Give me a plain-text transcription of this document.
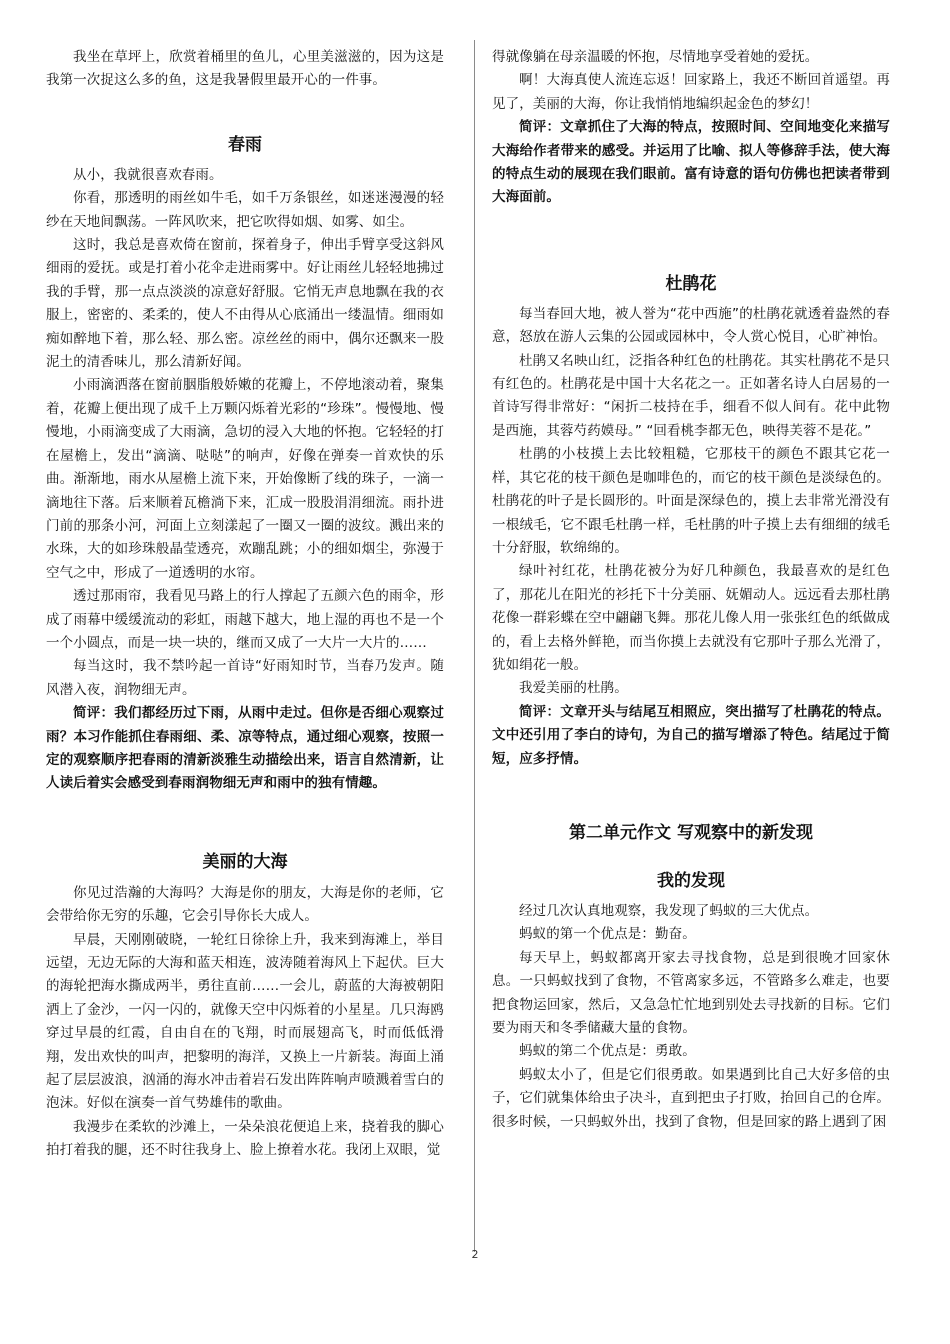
我坐在草坪上，欣赏着桶里的鱼儿，心里美滋滋的，因为这是我第一次捉这么多的鱼，这是我暑假里最开心的一件事。

春雨

从小，我就很喜欢春雨。

你看，那透明的雨丝如牛毛，如千万条银丝，如迷迷漫漫的轻纱在天地间飘荡。一阵风吹来，把它吹得如烟、如雾、如尘。

这时，我总是喜欢倚在窗前，探着身子，伸出手臂享受这斜风细雨的爱抚。或是打着小花伞走进雨雾中。好让雨丝儿轻轻地拂过我的手臂，那一点点淡淡的凉意好舒服。它悄无声息地飘在我的衣服上，密密的、柔柔的，使人不由得从心底涌出一缕温情。细雨如痴如醉地下着，那么轻、那么密。凉丝丝的雨中，偶尔还飘来一股泥土的清香味儿，那么清新好闻。

小雨滴洒落在窗前胭脂般娇嫩的花瓣上，不停地滚动着，聚集着，花瓣上便出现了成千上万颗闪烁着光彩的“珍珠”。慢慢地、慢慢地，小雨滴变成了大雨滴，急切的浸入大地的怀抱。它轻轻的打在屋檐上，发出“滴滴、哒哒”的响声，好像在弹奏一首欢快的乐曲。渐渐地，雨水从屋檐上流下来，开始像断了线的珠子，一滴一滴地往下落。后来顺着瓦檐淌下来，汇成一股股涓涓细流。雨扑进门前的那条小河，河面上立刻漾起了一圈又一圈的波纹。溅出来的水珠，大的如珍珠般晶莹透亮，欢蹦乱跳；小的细如烟尘，弥漫于空气之中，形成了一道透明的水帘。

透过那雨帘，我看见马路上的行人撑起了五颜六色的雨伞，形成了雨幕中缓缓流动的彩虹，雨越下越大，地上湿的再也不是一个一个小圆点，而是一块一块的，继而又成了一大片一大片的……

每当这时，我不禁吟起一首诗“好雨知时节，当春乃发声。随风潜入夜，润物细无声。

简评：我们都经历过下雨，从雨中走过。但你是否细心观察过雨？本习作能抓住春雨细、柔、凉等特点，通过细心观察，按照一定的观察顺序把春雨的清新淡雅生动描绘出来，语言自然清新，让人读后着实会感受到春雨润物细无声和雨中的独有情趣。

美丽的大海

你见过浩瀚的大海吗？大海是你的朋友，大海是你的老师，它会带给你无穷的乐趣，它会引导你长大成人。

早晨，天刚刚破晓，一轮红日徐徐上升，我来到海滩上，举目远望，无边无际的大海和蓝天相连，波涛随着海风上下起伏。巨大的海轮把海水撕成两半，勇往直前……一会儿，蔚蓝的大海被朝阳洒上了金沙，一闪一闪的，就像天空中闪烁着的小星星。几只海鸥穿过早晨的红霞，自由自在的飞翔，时而展翅高飞，时而低低滑翔，发出欢快的叫声，把黎明的海洋，又换上一片新装。海面上涌起了层层波浪，汹涌的海水冲击着岩石发出阵阵响声喷溅着雪白的泡沫。好似在演奏一首气势雄伟的歌曲。

我漫步在柔软的沙滩上，一朵朵浪花便追上来，挠着我的脚心拍打着我的腿，还不时往我身上、脸上撩着水花。我闭上双眼，觉

得就像躺在母亲温暖的怀抱，尽情地享受着她的爱抚。

啊！大海真使人流连忘返！回家路上，我还不断回首遥望。再见了，美丽的大海，你让我悄悄地编织起金色的梦幻！

简评：文章抓住了大海的特点，按照时间、空间地变化来描写大海给作者带来的感受。并运用了比喻、拟人等修辞手法，使大海的特点生动的展现在我们眼前。富有诗意的语句仿佛也把读者带到大海面前。

杜鹃花

每当春回大地，被人誉为“花中西施”的杜鹃花就透着盎然的春意，怒放在游人云集的公园或园林中，令人赏心悦目，心旷神怡。

杜鹃又名映山红，泛指各种红色的杜鹃花。其实杜鹃花不是只有红色的。杜鹃花是中国十大名花之一。正如著名诗人白居易的一首诗写得非常好：“闲折二枝持在手，细看不似人间有。花中此物是西施，其蓉芍药嫫母。” “回看桃李都无色，映得芙蓉不是花。”

杜鹃的小枝摸上去比较粗糙，它那枝干的颜色不跟其它花一样，其它花的枝干颜色是咖啡色的，而它的枝干颜色是淡绿色的。杜鹃花的叶子是长圆形的。叶面是深绿色的，摸上去非常光滑没有一根绒毛，它不跟毛杜鹃一样，毛杜鹃的叶子摸上去有细细的绒毛十分舒服，软绵绵的。

绿叶衬红花，杜鹃花被分为好几种颜色，我最喜欢的是红色了，那花儿在阳光的衫托下十分美丽、妩媚动人。远远看去那杜鹃花像一群彩蝶在空中翩翩飞舞。那花儿像人用一张张红色的纸做成的，看上去格外鲜艳，而当你摸上去就没有它那叶子那么光滑了，犹如绢花一般。

我爱美丽的杜鹃。

简评：文章开头与结尾互相照应，突出描写了杜鹃花的特点。文中还引用了李白的诗句，为自己的描写增添了特色。结尾过于简短，应多抒情。

第二单元作文 写观察中的新发现
我的发现

经过几次认真地观察，我发现了蚂蚁的三大优点。

蚂蚁的第一个优点是：勤奋。

每天早上，蚂蚁都离开家去寻找食物，总是到很晚才回家休息。一只蚂蚁找到了食物，不管离家多远，不管路多么难走，也要把食物运回家，然后，又急急忙忙地到别处去寻找新的目标。它们要为雨天和冬季储藏大量的食物。

蚂蚁的第二个优点是：勇敢。

蚂蚁太小了，但是它们很勇敢。如果遇到比自己大好多倍的虫子，它们就集体给虫子决斗，直到把虫子打败，抬回自己的仓库。很多时候，一只蚂蚁外出，找到了食物，但是回家的路上遇到了困

2
